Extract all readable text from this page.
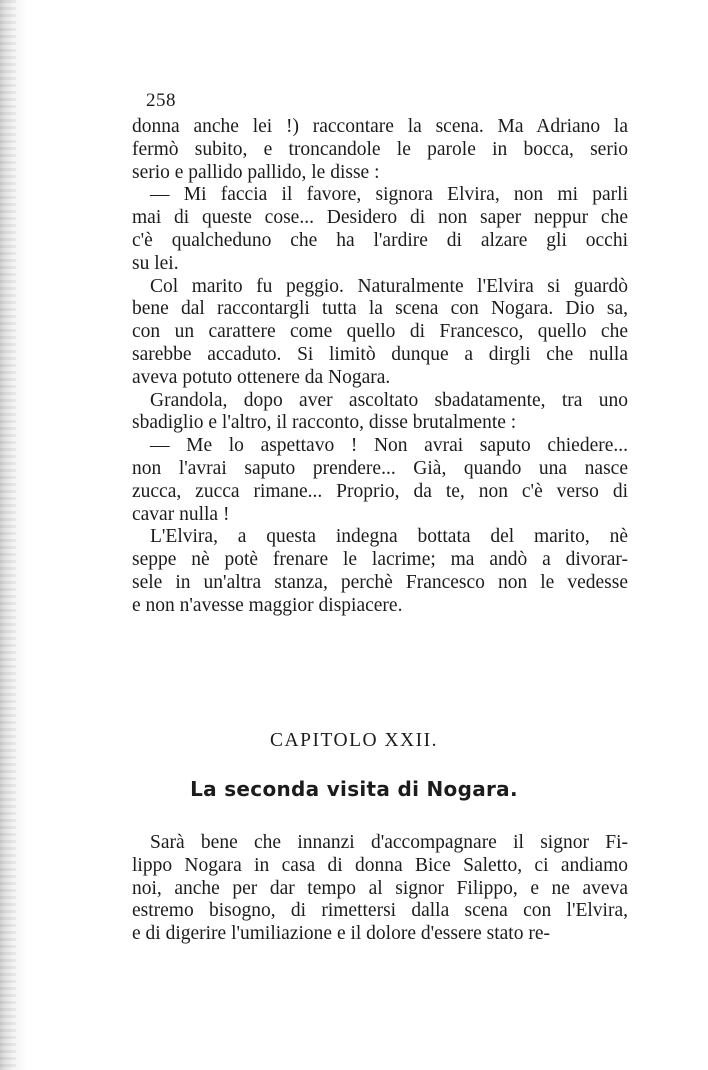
258
donna anche lei !) raccontare la scena. Ma Adriano la
fermò subito, e troncandole le parole in bocca, serio
serio e pallido pallido, le disse :
— Mi faccia il favore, signora Elvira, non mi parli
mai di queste cose... Desidero di non saper neppur che
c'è qualcheduno che ha l'ardire di alzare gli occhi
su lei.
Col marito fu peggio. Naturalmente l'Elvira si guardò
bene dal raccontargli tutta la scena con Nogara. Dio sa,
con un carattere come quello di Francesco, quello che
sarebbe accaduto. Si limitò dunque a dirgli che nulla
aveva potuto ottenere da Nogara.
Grandola, dopo aver ascoltato sbadatamente, tra uno
sbadiglio e l'altro, il racconto, disse brutalmente :
— Me lo aspettavo ! Non avrai saputo chiedere...
non l'avrai saputo prendere... Già, quando una nasce
zucca, zucca rimane... Proprio, da te, non c'è verso di
cavar nulla !
L'Elvira, a questa indegna bottata del marito, nè
seppe nè potè frenare le lacrime; ma andò a divorar-
sele in un'altra stanza, perchè Francesco non le vedesse
e non n'avesse maggior dispiacere.
CAPITOLO XXII.
La seconda visita di Nogara.
Sarà bene che innanzi d'accompagnare il signor Fi-
lippo Nogara in casa di donna Bice Saletto, ci andiamo
noi, anche per dar tempo al signor Filippo, e ne aveva
estremo bisogno, di rimettersi dalla scena con l'Elvira,
e di digerire l'umiliazione e il dolore d'essere stato re-
